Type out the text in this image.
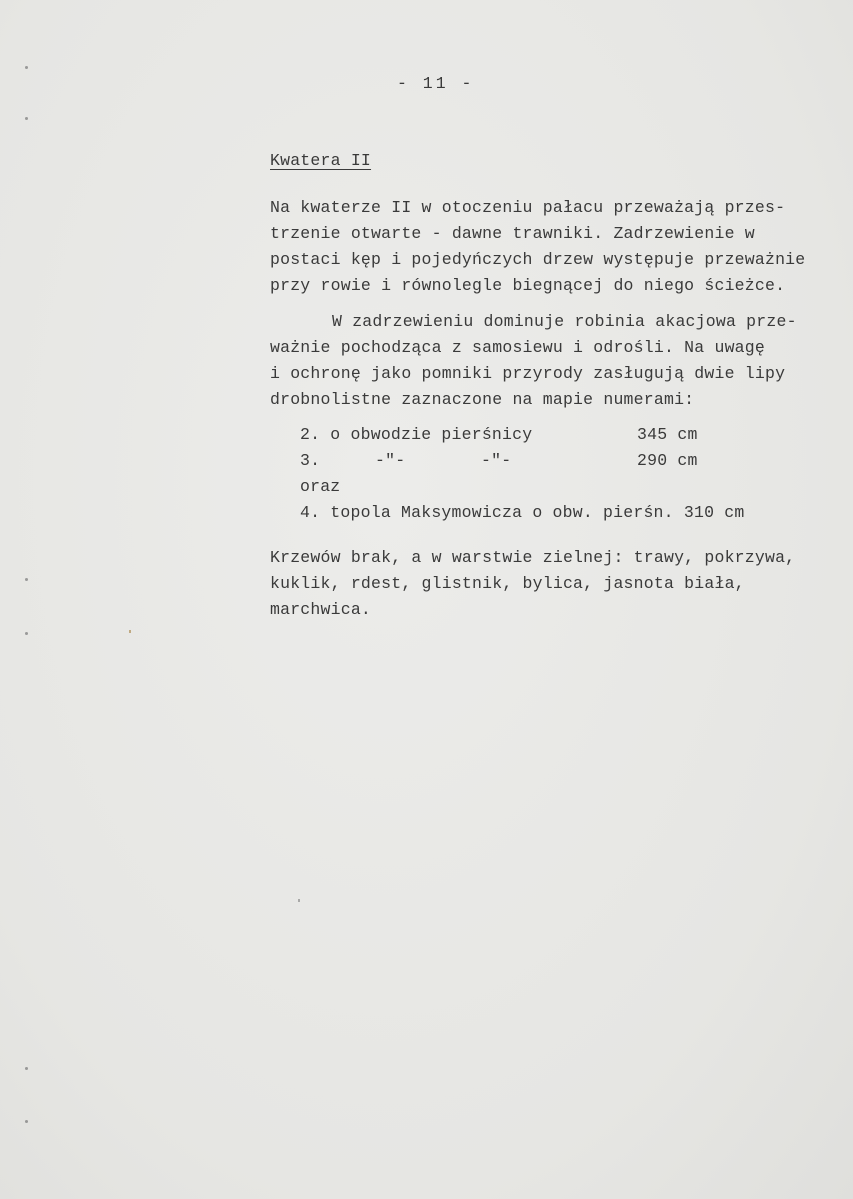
- 11 -
Kwatera II
Na kwaterze II w otoczeniu pałacu przeważają przes-
trzenie otwarte - dawne trawniki. Zadrzewienie w
postaci kęp i pojedyńczych drzew występuje przeważnie
przy rowie i równolegle biegnącej do niego ścieżce.
W zadrzewieniu dominuje robinia akacjowa prze-
ważnie pochodząca z samosiewu i odrośli. Na uwagę
i ochronę jako pomniki przyrody zasługują dwie lipy
drobnolistne zaznaczone na mapie numerami:
2. o obwodzie pierśnicy	345 cm
3.	-"-	-"-	290 cm
oraz
4. topola Maksymowicza o obw. pierśn. 310 cm
Krzewów brak, a w warstwie zielnej: trawy, pokrzywa,
kuklik, rdest, glistnik, bylica, jasnota biała,
marchwica.
